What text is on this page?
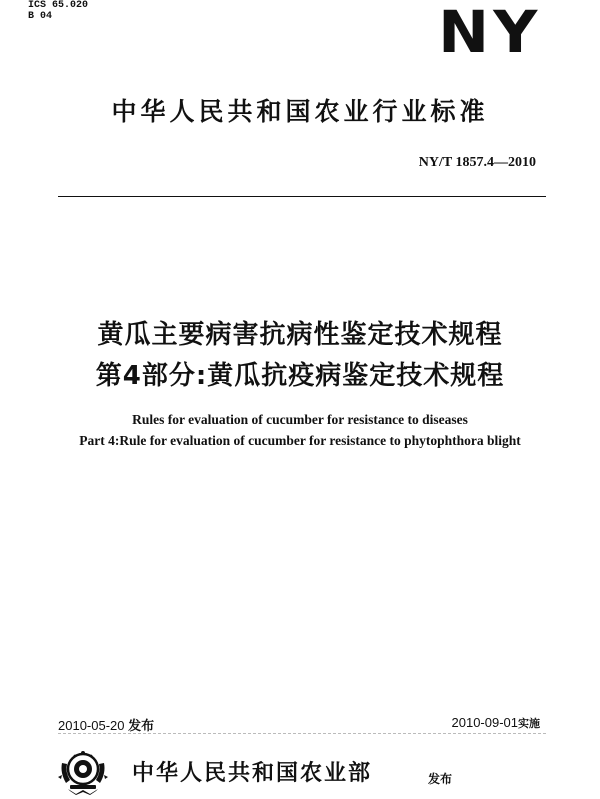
ICS 65.020
B 04	NY
中华人民共和国农业行业标准
NY/T 1857.4—2010
黄瓜主要病害抗病性鉴定技术规程
第4部分:黄瓜抗疫病鉴定技术规程
Rules for evaluation of cucumber for resistance to diseases
Part 4:Rule for evaluation of cucumber for resistance to phytophthora blight
2010-05-20 发布	2010-09-01实施
中华人民共和国农业部	发布
